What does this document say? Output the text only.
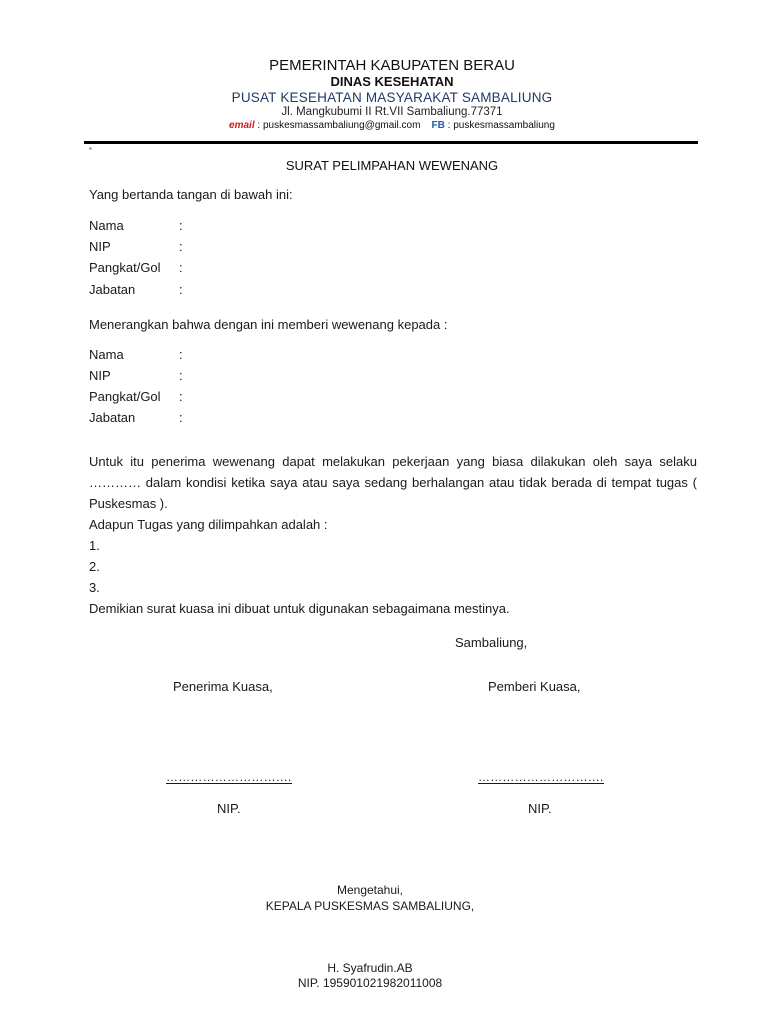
PEMERINTAH KABUPATEN BERAU
DINAS KESEHATAN
PUSAT KESEHATAN MASYARAKAT SAMBALIUNG
Jl. Mangkubumi II Rt.VII Sambaliung.77371
email : puskesmassambaliung@gmail.com FB : puskesmassambaliung
▪
SURAT PELIMPAHAN WEWENANG
Yang bertanda tangan di bawah ini:
Nama	:
NIP	:
Pangkat/Gol :
Jabatan	:
Menerangkan bahwa dengan ini memberi wewenang kepada :
Nama	:
NIP	:
Pangkat/Gol :
Jabatan	:

Untuk itu penerima wewenang dapat melakukan pekerjaan yang biasa dilakukan oleh saya selaku ………… dalam kondisi ketika saya atau saya sedang berhalangan atau tidak berada di tempat tugas ( Puskesmas ).

Adapun Tugas yang dilimpahkan adalah :

1.

2.

3.

Demikian surat kuasa ini dibuat untuk digunakan sebagaimana mestinya.

Sambaliung,
Penerima Kuasa,	Pemberi Kuasa,
………………………….	………………………….
NIP.	NIP.
Mengetahui,
KEPALA PUSKESMAS SAMBALIUNG,
H. Syafrudin.AB
NIP. 195901021982011008
